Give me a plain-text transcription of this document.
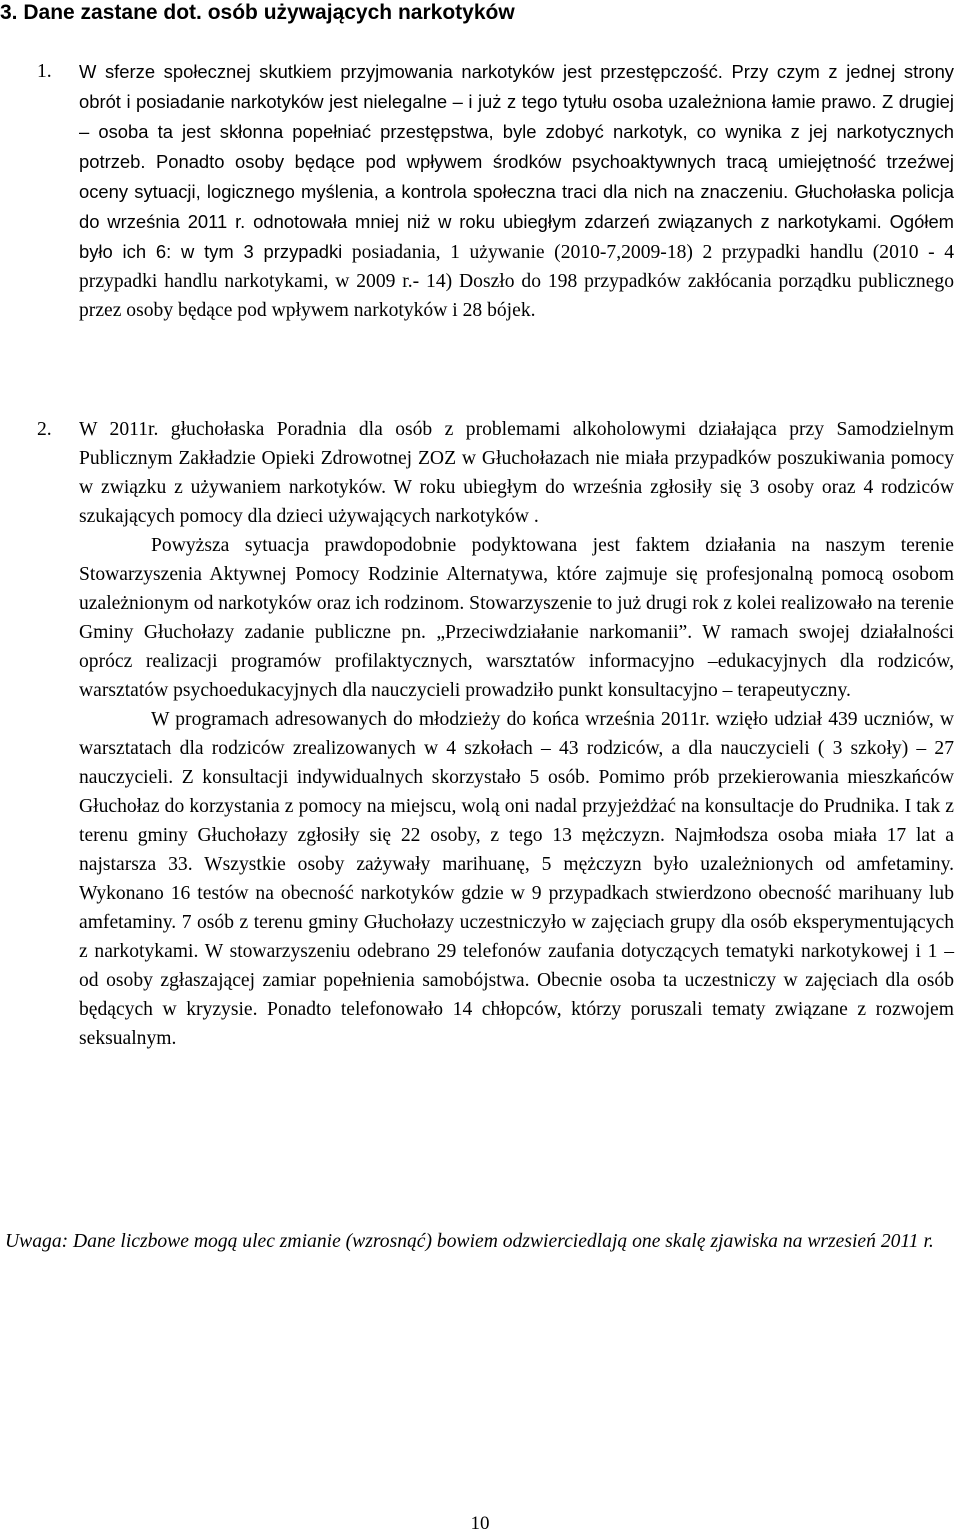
3. Dane zastane dot. osób używających narkotyków
1. W sferze społecznej skutkiem przyjmowania narkotyków jest przestępczość. Przy czym z jednej strony obrót i posiadanie narkotyków jest nielegalne – i już z tego tytułu osoba uzależniona łamie prawo. Z drugiej – osoba ta jest skłonna popełniać przestępstwa, byle zdobyć narkotyk, co wynika z jej narkotycznych potrzeb. Ponadto osoby będące pod wpływem środków psychoaktywnych tracą umiejętność trzeźwej oceny sytuacji, logicznego myślenia, a kontrola społeczna traci dla nich na znaczeniu. Głuchołaska policja do września 2011 r. odnotowała mniej niż w roku ubiegłym zdarzeń związanych z narkotykami. Ogółem było ich 6: w tym 3 przypadki posiadania, 1 używanie (2010-7,2009-18) 2 przypadki handlu (2010 - 4 przypadki handlu narkotykami, w 2009 r.- 14) Doszło do 198 przypadków zakłócania porządku publicznego przez osoby będące pod wpływem narkotyków i 28 bójek.

2. W 2011r. głuchołaska Poradnia dla osób z problemami alkoholowymi działająca przy Samodzielnym Publicznym Zakładzie Opieki Zdrowotnej ZOZ w Głuchołazach nie miała przypadków poszukiwania pomocy w związku z używaniem narkotyków. W roku ubiegłym do września zgłosiły się 3 osoby oraz 4 rodziców szukających pomocy dla dzieci używających narkotyków .

Powyższa sytuacja prawdopodobnie podyktowana jest faktem działania na naszym terenie Stowarzyszenia Aktywnej Pomocy Rodzinie Alternatywa, które zajmuje się profesjonalną pomocą osobom uzależnionym od narkotyków oraz ich rodzinom. Stowarzyszenie to już drugi rok z kolei realizowało na terenie Gminy Głuchołazy zadanie publiczne pn. „Przeciwdziałanie narkomanii”. W ramach swojej działalności oprócz realizacji programów profilaktycznych, warsztatów informacyjno –edukacyjnych dla rodziców, warsztatów psychoedukacyjnych dla nauczycieli prowadziło punkt konsultacyjno – terapeutyczny.

W programach adresowanych do młodzieży do końca września 2011r. wzięło udział 439 uczniów, w warsztatach dla rodziców zrealizowanych w 4 szkołach – 43 rodziców, a dla nauczycieli ( 3 szkoły) – 27 nauczycieli. Z konsultacji indywidualnych skorzystało 5 osób. Pomimo prób przekierowania mieszkańców Głuchołaz do korzystania z pomocy na miejscu, wolą oni nadal przyjeżdżać na konsultacje do Prudnika. I tak z terenu gminy Głuchołazy zgłosiły się 22 osoby, z tego 13 mężczyzn. Najmłodsza osoba miała 17 lat a najstarsza 33. Wszystkie osoby zażywały marihuanę, 5 mężczyzn było uzależnionych od amfetaminy. Wykonano 16 testów na obecność narkotyków gdzie w 9 przypadkach stwierdzono obecność marihuany lub amfetaminy. 7 osób z terenu gminy Głuchołazy uczestniczyło w zajęciach grupy dla osób eksperymentujących z narkotykami. W stowarzyszeniu odebrano 29 telefonów zaufania dotyczących tematyki narkotykowej i 1 – od osoby zgłaszającej zamiar popełnienia samobójstwa. Obecnie osoba ta uczestniczy w zajęciach dla osób będących w kryzysie. Ponadto telefonowało 14 chłopców, którzy poruszali tematy związane z rozwojem seksualnym.

Uwaga: Dane liczbowe mogą ulec zmianie (wzrosnąć) bowiem odzwierciedlają one skalę zjawiska na wrzesień 2011 r.
10
